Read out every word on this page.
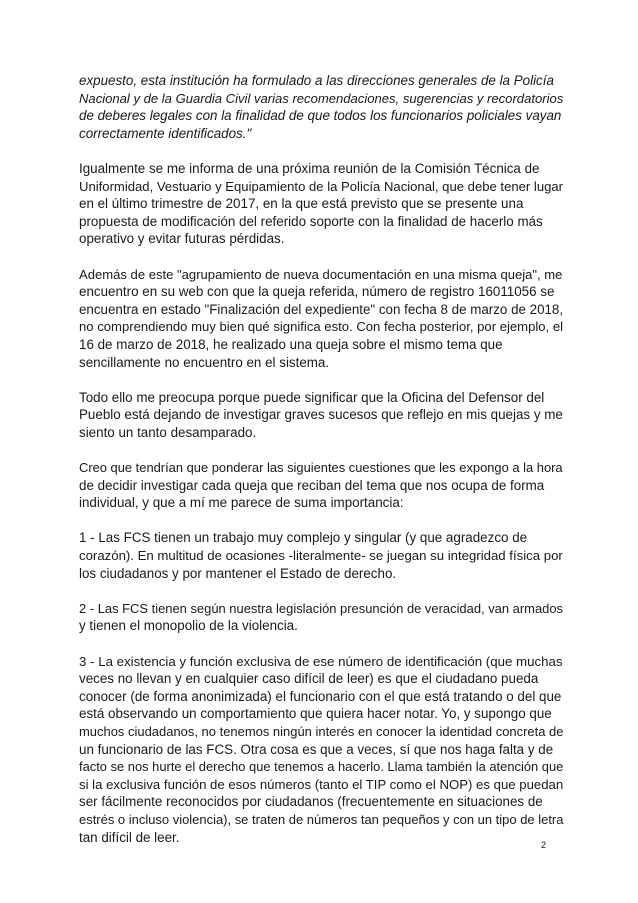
expuesto, esta institución ha formulado a las direcciones generales de la Policía
Nacional y de la Guardia Civil varias recomendaciones, sugerencias y recordatorios
de deberes legales con la finalidad de que todos los funcionarios policiales vayan
correctamente identificados."

Igualmente se me informa de una próxima reunión de la Comisión Técnica de
Uniformidad, Vestuario y Equipamiento de la Policía Nacional, que debe tener lugar
en el último trimestre de 2017, en la que está previsto que se presente una
propuesta de modificación del referido soporte con la finalidad de hacerlo más
operativo y evitar futuras pérdidas.

Además de este "agrupamiento de nueva documentación en una misma queja", me
encuentro en su web con que la queja referida, número de registro 16011056 se
encuentra en estado "Finalización del expediente" con fecha 8 de marzo de 2018,
no comprendiendo muy bien qué significa esto. Con fecha posterior, por ejemplo, el
16 de marzo de 2018, he realizado una queja sobre el mismo tema que
sencillamente no encuentro en el sistema.

Todo ello me preocupa porque puede significar que la Oficina del Defensor del
Pueblo está dejando de investigar graves sucesos que reflejo en mis quejas y me
siento un tanto desamparado.

Creo que tendrían que ponderar las siguientes cuestiones que les expongo a la hora
de decidir investigar cada queja que reciban del tema que nos ocupa de forma
individual, y que a mí me parece de suma importancia:

1 - Las FCS tienen un trabajo muy complejo y singular (y que agradezco de
corazón). En multitud de ocasiones -literalmente- se juegan su integridad física por
los ciudadanos y por mantener el Estado de derecho.

2 - Las FCS tienen según nuestra legislación presunción de veracidad, van armados
y tienen el monopolio de la violencia.

3 - La existencia y función exclusiva de ese número de identificación (que muchas
veces no llevan y en cualquier caso difícil de leer) es que el ciudadano pueda
conocer (de forma anonimizada) el funcionario con el que está tratando o del que
está observando un comportamiento que quiera hacer notar. Yo, y supongo que
muchos ciudadanos, no tenemos ningún interés en conocer la identidad concreta de
un funcionario de las FCS. Otra cosa es que a veces, sí que nos haga falta y de
facto se nos hurte el derecho que tenemos a hacerlo. Llama también la atención que
si la exclusiva función de esos números (tanto el TIP como el NOP) es que puedan
ser fácilmente reconocidos por ciudadanos (frecuentemente en situaciones de
estrés o incluso violencia), se traten de números tan pequeños y con un tipo de letra
tan difícil de leer.

2
